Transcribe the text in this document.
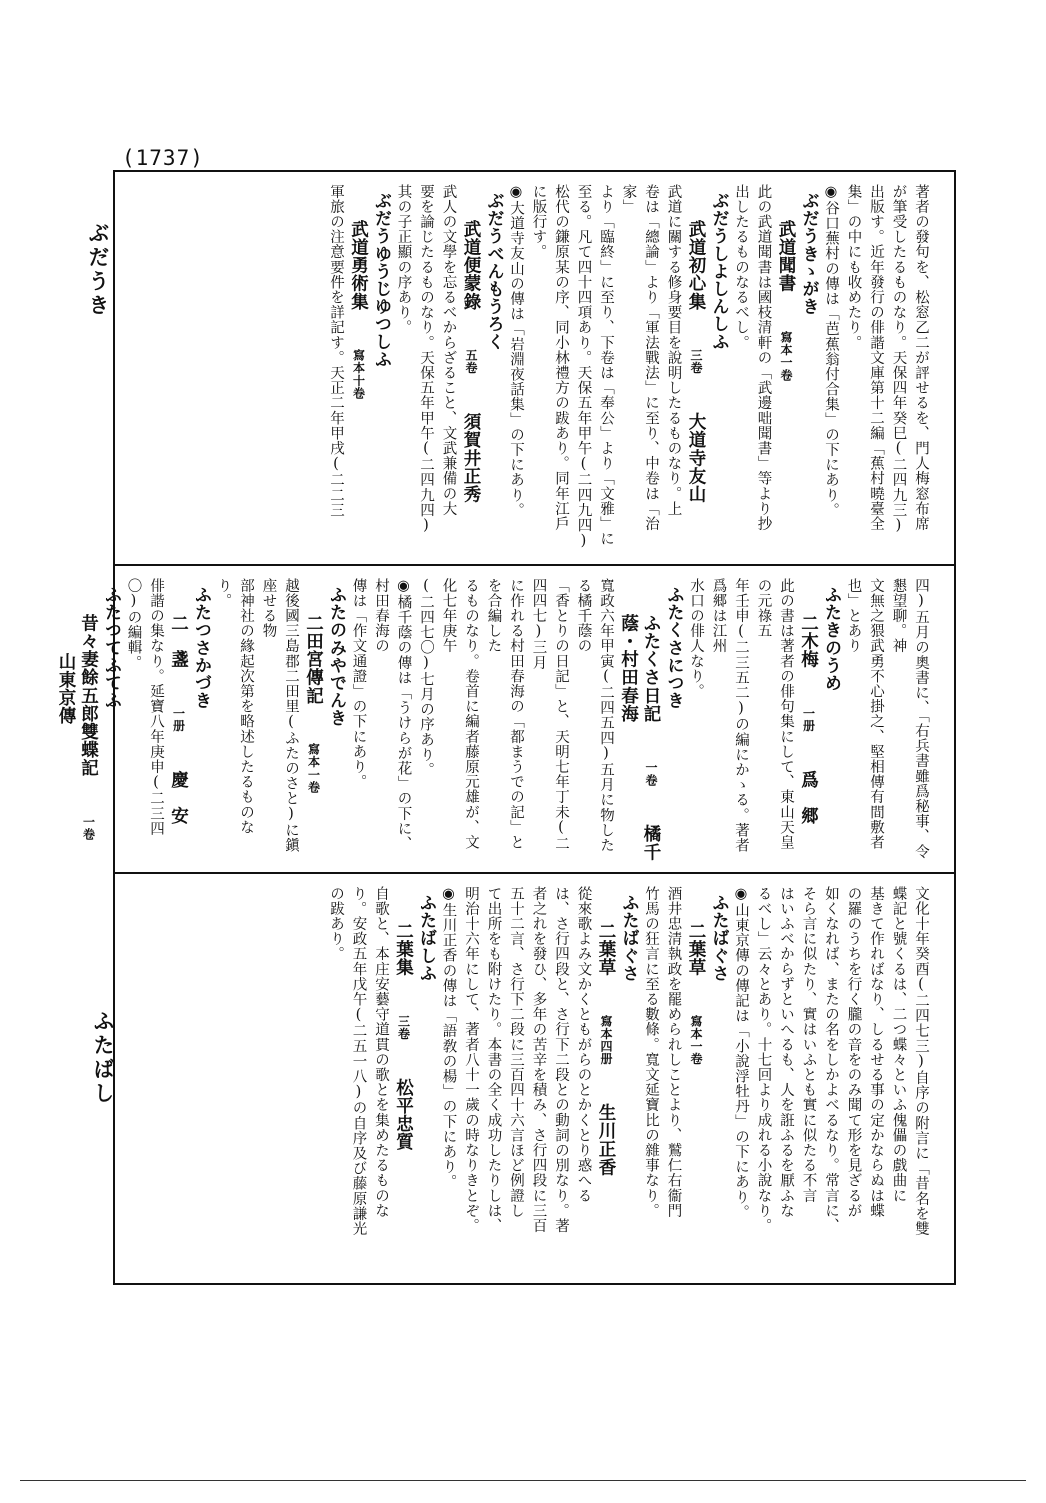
(1737)
ぶだうき
ふたばし
著者の發句を、松窓乙二が評せるを、門人梅窓布席
が筆受したるものなり。天保四年癸巳(二四九三)
出版す。近年發行の俳諧文庫第十二編「蕉村曉臺全
集」の中にも收めたり。
◉谷口蕪村の傳は「芭蕉翁付合集」の下にあり。
ぶだうきゝがき
武道聞書寫本一卷
此の武道聞書は國枝清軒の「武邊咄聞書」等より抄
出したるものなるべし。
ぶだうしよしんしふ
武道初心集三卷大道寺友山
武道に關する修身要目を說明したるものなり。上
卷は「總論」より「軍法戰法」に至り、中卷は「治家」
より「臨終」に至り、下卷は「奉公」より「文雅」に
至る。凡て四十四項あり。天保五年甲午(二四九四)
松代の鎌原某の序、同小林禮方の跋あり。同年江戶
に版行す。
◉大道寺友山の傳は「岩淵夜話集」の下にあり。
ぶだうべんもうろく
武道便蒙錄五卷須賀井正秀
武人の文學を忘るべからざること、文武兼備の大
要を論じたるものなり。天保五年甲午(二四九四)
其の子正顯の序あり。
ぶだうゆうじゆつしふ
武道勇術集寫本十卷
軍旅の注意要件を詳記す。天正二年甲戌(二二三
四)五月の奧書に、「右兵書雖爲秘事、令懇望聊。神
文無之猥武勇不心掛之、堅相傳有間敷者也」とあり
ふたきのうめ
二木梅一册爲　郷
此の書は著者の俳句集にして、東山天皇の元祿五
年壬申(二三五二)の編にかゝる。著者爲郷は江州
水口の俳人なり。
ふたくさにつき
ふたくさ日記一卷橘千蔭・村田春海
寬政六年甲寅(二四五四)五月に物したる橘千蔭の
「香とりの日記」と、天明七年丁未(二四四七)三月
に作れる村田春海の「都まうでの記」とを合編した
るものなり。卷首に編者藤原元雄が、文化七年庚午
(二四七〇)七月の序あり。
◉橘千蔭の傳は「うけらが花」の下に、村田春海の
傳は「作文通證」の下にあり。
ふたのみやでんき
二田宮傳記寫本一卷
越後國三島郡二田里(ふたのさと)に鎭座せる物
部神社の緣起次第を略述したるものなり。
ふたつさかづき
二　盞一册慶　安
俳諧の集なり。延寶八年庚申(二三四〇)の編輯。
ふたつてふてふ
昔々妻餘五郎雙蝶記一卷山東京傳
文化十年癸酉(二四七三)自序の附言に「昔名を雙
蝶記と號くるは、二つ蝶々といふ傀儡の戲曲に
基きて作ればなり、しるせる事の定かならぬは蝶
の羅のうちを行く朧の音をのみ聞て形を見ざるが
如くなれば、またの名をしかよべるなり。常言に、
そら言に似たり、實はいふとも實に似たる不言
はいふべからずといへるも、人を誑ふるを厭ふな
るべし」云々とあり。十七回より成れる小說なり。
◉山東京傳の傳記は「小說浮牡丹」の下にあり。
ふたばぐさ
二葉草寫本一卷
酒井忠清執政を罷められしことより、鷲仁右衞門
竹馬の狂言に至る數條。寬文延寶比の雜事なり。
ふたばぐさ
二葉草寫本四册生川正香
從來歌よみ文かくともがらのとかくとり惑へる
は、さ行四段と、さ行下二段との動詞の別なり。著
者之れを發ひ、多年の苦辛を積み、さ行四段に三百
五十二言、さ行下二段に三百四十六言ほど例證し
て出所をも附けたり。本書の全く成功したりしは、
明治十六年にして、著者八十一歲の時なりきとぞ。
◉生川正香の傳は「語敎の楊」の下にあり。
ふたばしふ
二葉集三卷松平忠質
自歌と、本庄安藝守道貫の歌とを集めたるものな
り。安政五年戊午(二五一八)の自序及び藤原謙光
の跋あり。
